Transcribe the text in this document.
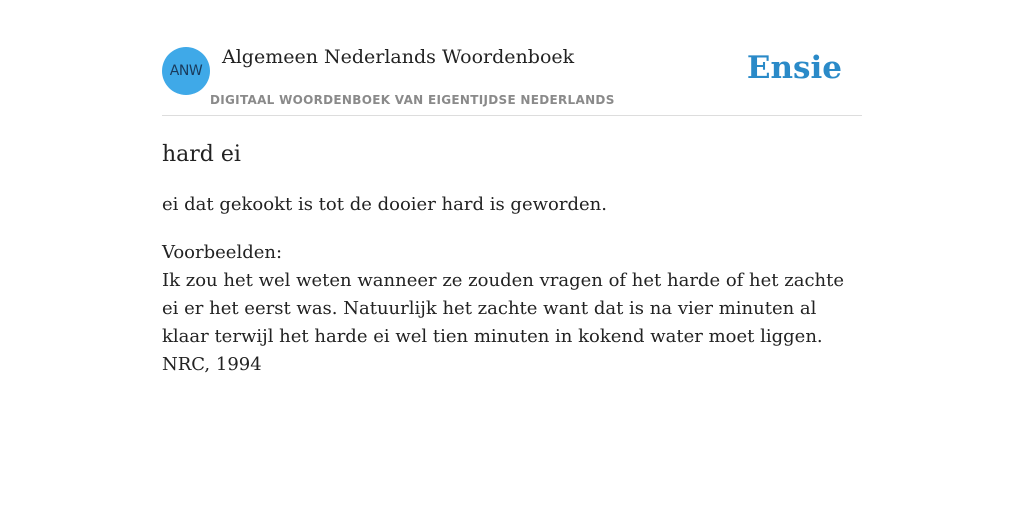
ANW
Algemeen Nederlands Woordenboek
DIGITAAL WOORDENBOEK VAN EIGENTIJDSE NEDERLANDS
Ensie
hard ei

ei dat gekookt is tot de dooier hard is geworden.

Voorbeelden:
Ik zou het wel weten wanneer ze zouden vragen of het harde of het zachte ei er het eerst was. Natuurlijk het zachte want dat is na vier minuten al klaar terwijl het harde ei wel tien minuten in kokend water moet liggen.
NRC, 1994
